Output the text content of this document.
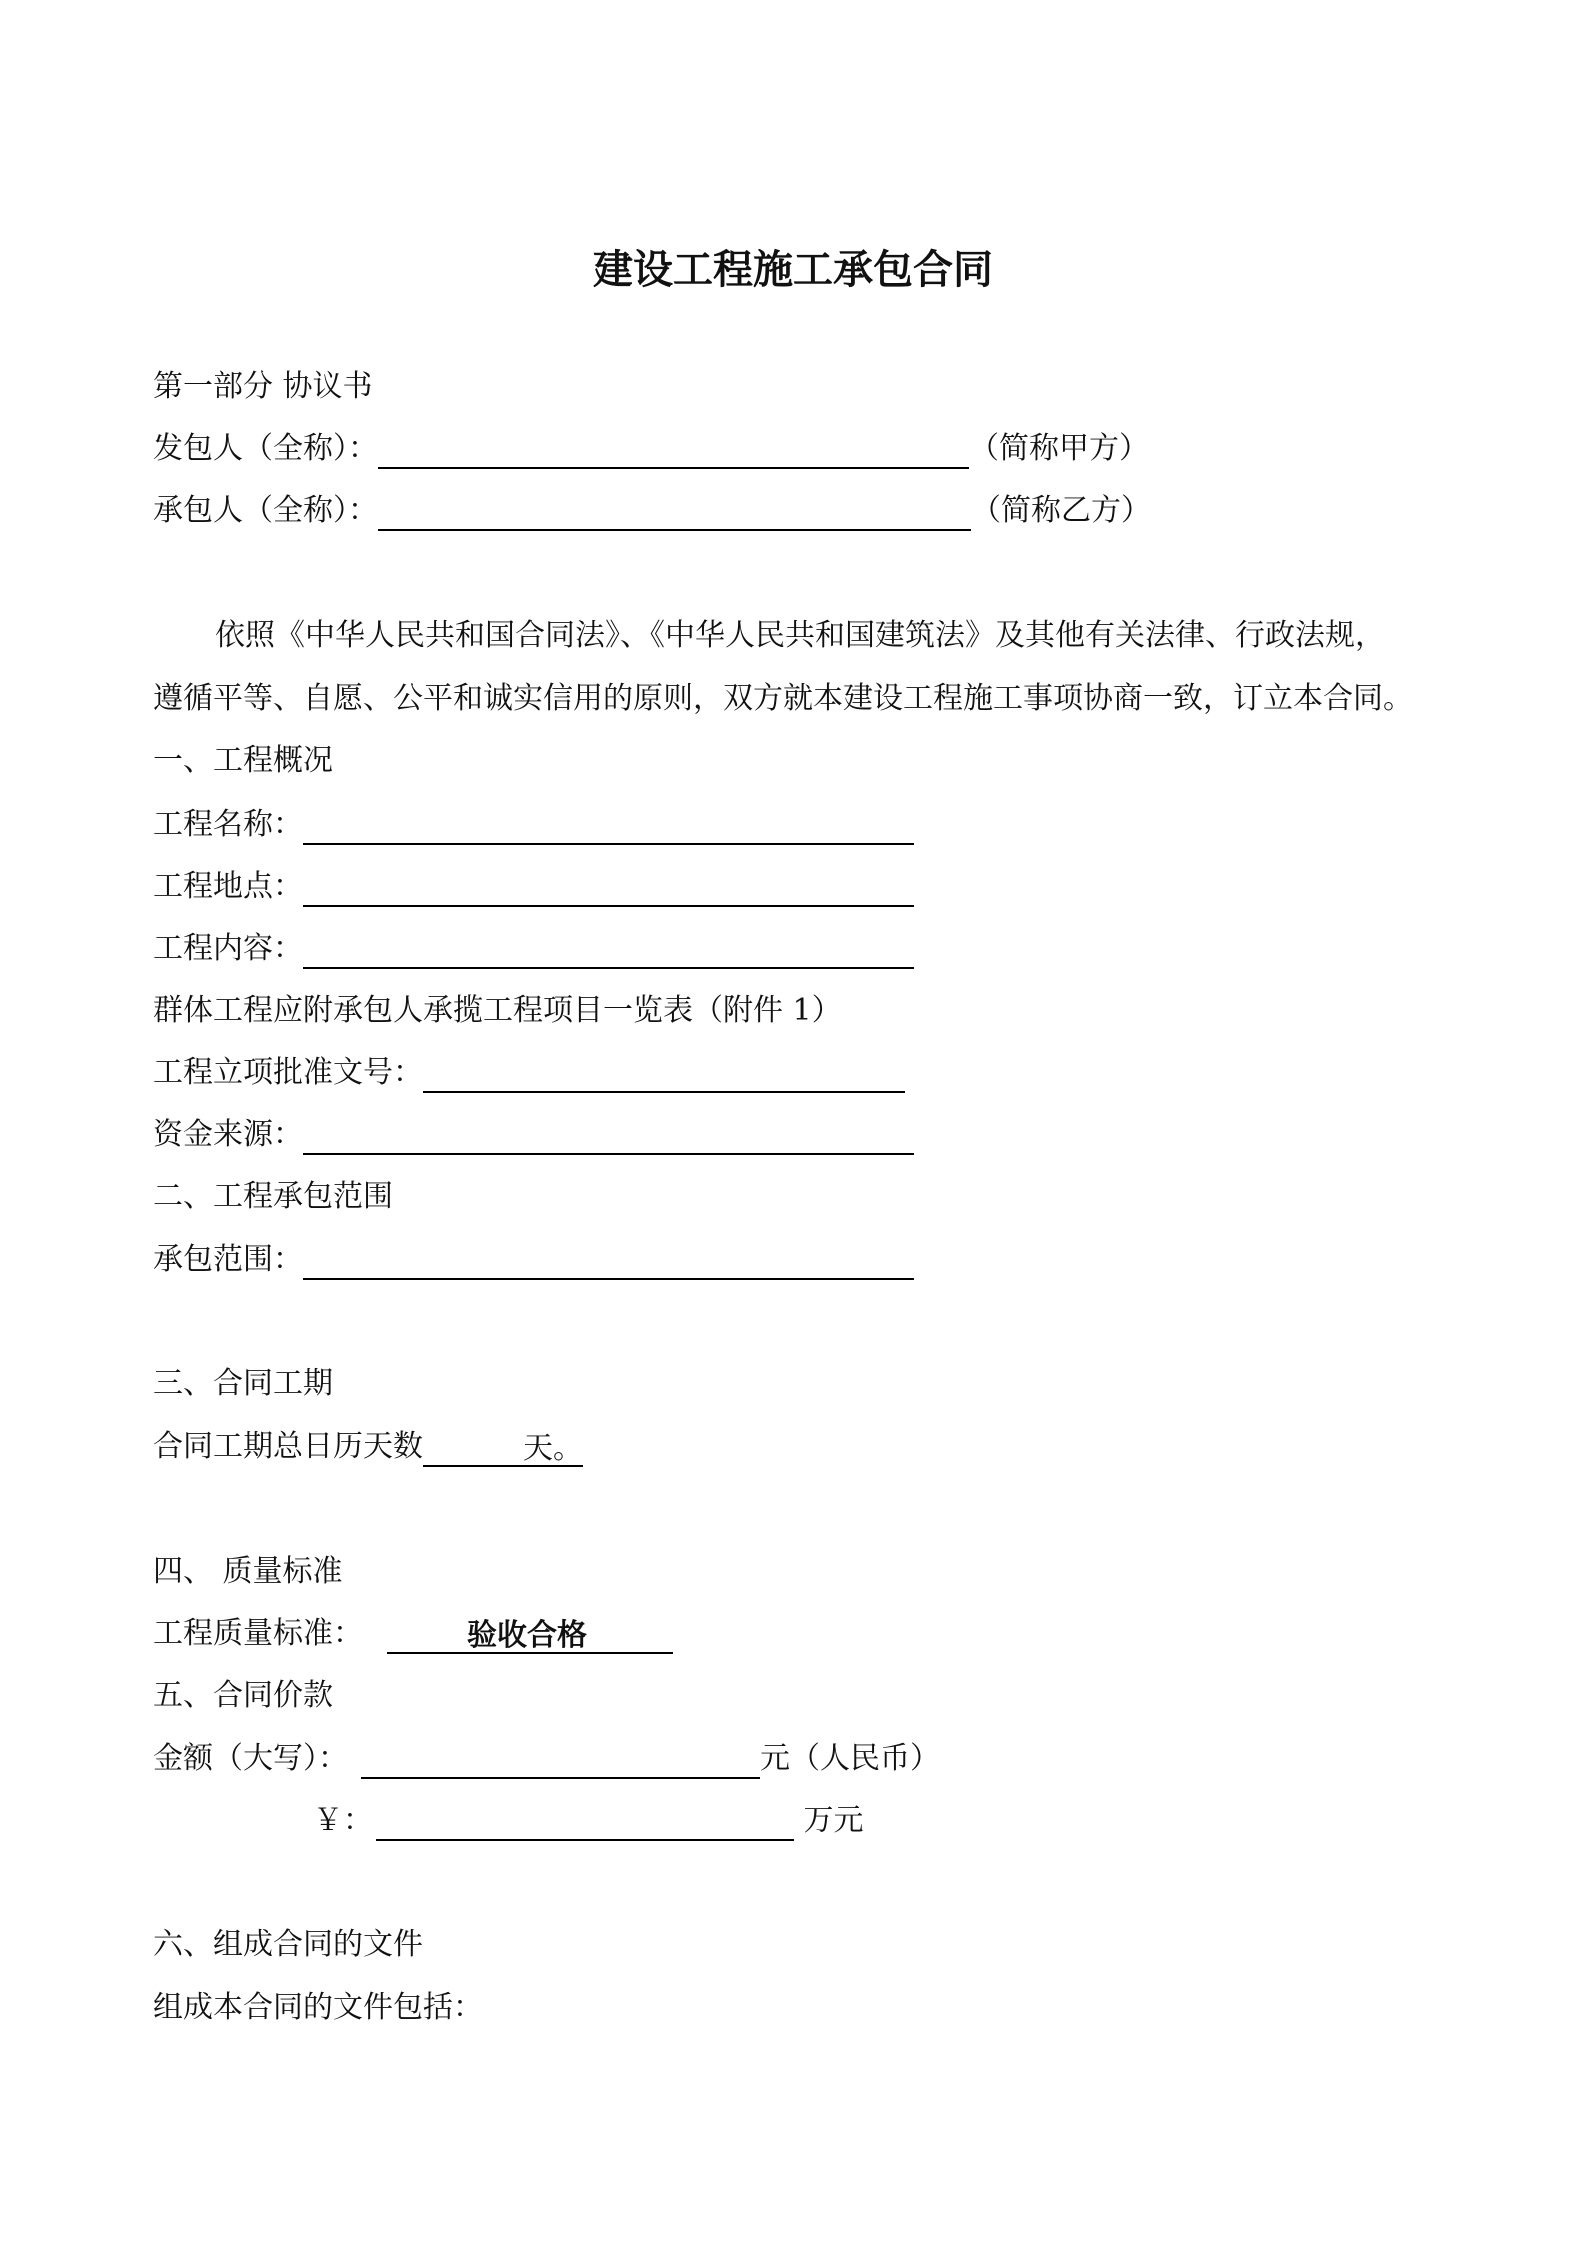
建设工程施工承包合同
第一部分 协议书
发包人（全称）：	（简称甲方）
承包人（全称）：	（简称乙方）
依照《中华人民共和国合同法》、《中华人民共和国建筑法》及其他有关法律、行政法规，
遵循平等、自愿、公平和诚实信用的原则，双方就本建设工程施工事项协商一致，订立本合同。
一、工程概况
工程名称：
工程地点：
工程内容：
群体工程应附承包人承揽工程项目一览表（附件 1）
工程立项批准文号：
资金来源：
二、工程承包范围
承包范围：
三、合同工期
合同工期总日历天数	天。
四、 质量标准
工程质量标准：	验收合格
五、合同价款
金额（大写）：	元（人民币）
￥：	万元
六、组成合同的文件
组成本合同的文件包括：
